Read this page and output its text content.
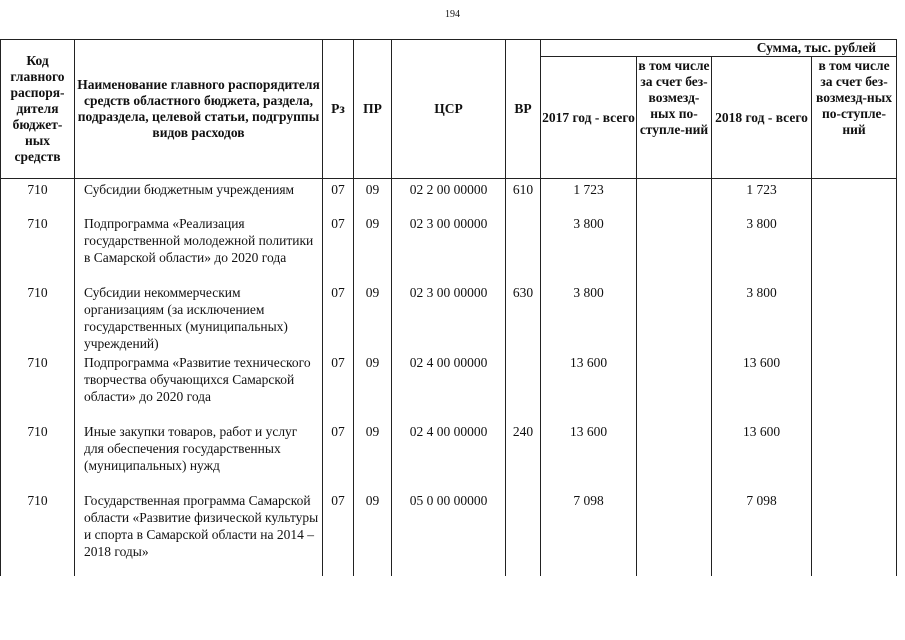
194
Код главного распоря-дителя бюджет-ных средств	Наименование главного распорядителя средств областного бюджета, раздела, подраздела, целевой статьи, подгруппы видов расходов	Рз	ПР	ЦСР	ВР	Сумма, тыс. рублей			
						2017 год - всего	в том числе за счет без-возмезд-ных по-ступле-ний	2018 год - всего	в том числе за счет без-возмезд-ных по-ступле-ний
710	Субсидии бюджетным учреждениям	07	09	02 2 00 00000	610	1 723		1 723	
710	Подпрограмма «Реализация государственной молодежной политики в Самарской области» до 2020 года	07	09	02 3 00 00000		3 800		3 800	
710	Субсидии некоммерческим организациям (за исключением государственных (муниципальных) учреждений)	07	09	02 3 00 00000	630	3 800		3 800	
710	Подпрограмма «Развитие технического творчества обучающихся Самарской области» до 2020 года	07	09	02 4 00 00000		13 600		13 600	
710	Иные закупки товаров, работ и услуг для обеспечения государственных (муниципальных) нужд	07	09	02 4 00 00000	240	13 600		13 600	
710	Государственная программа Самарской области «Развитие физической культуры и спорта в Самарской области на 2014 – 2018 годы»	07	09	05 0 00 00000		7 098		7 098	
